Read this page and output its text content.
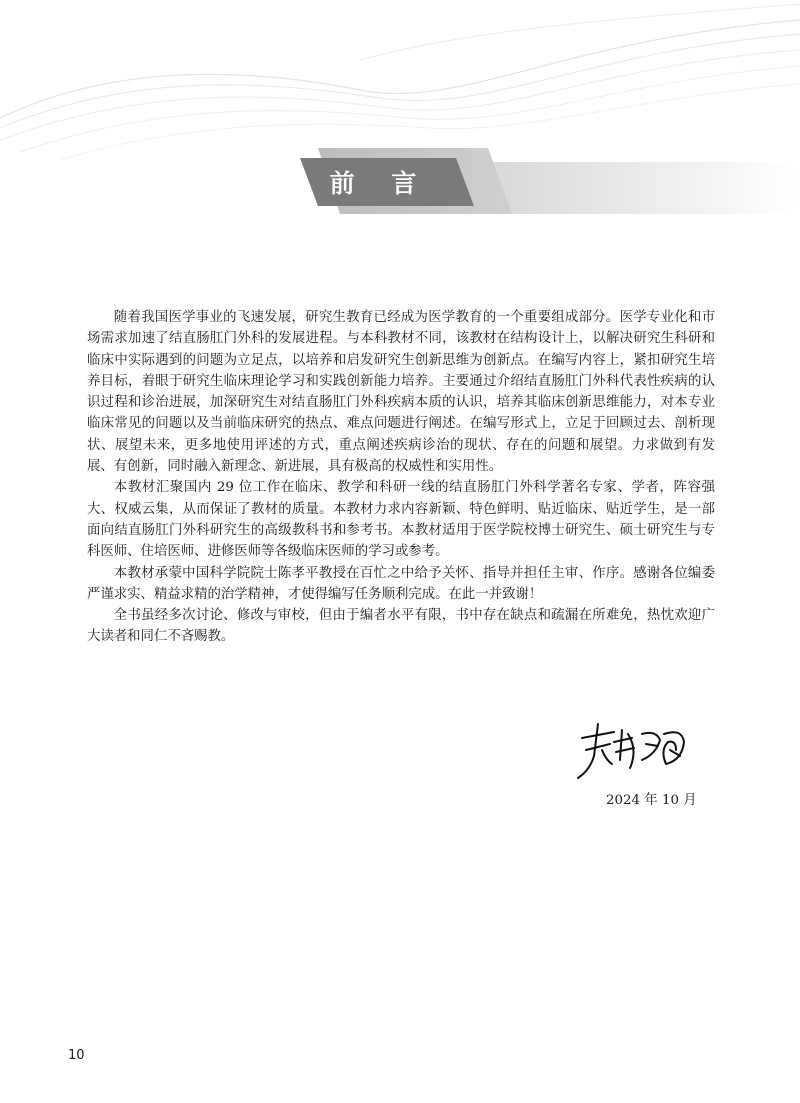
前 言

随着我国医学事业的飞速发展，研究生教育已经成为医学教育的一个重要组成部分。医学专业化和市场需求加速了结直肠肛门外科的发展进程。与本科教材不同，该教材在结构设计上，以解决研究生科研和临床中实际遇到的问题为立足点，以培养和启发研究生创新思维为创新点。在编写内容上，紧扣研究生培养目标，着眼于研究生临床理论学习和实践创新能力培养。主要通过介绍结直肠肛门外科代表性疾病的认识过程和诊治进展，加深研究生对结直肠肛门外科疾病本质的认识，培养其临床创新思维能力，对本专业临床常见的问题以及当前临床研究的热点、难点问题进行阐述。在编写形式上，立足于回顾过去、剖析现状、展望未来，更多地使用评述的方式，重点阐述疾病诊治的现状、存在的问题和展望。力求做到有发展、有创新，同时融入新理念、新进展，具有极高的权威性和实用性。

本教材汇聚国内 29 位工作在临床、教学和科研一线的结直肠肛门外科学著名专家、学者，阵容强大、权威云集，从而保证了教材的质量。本教材力求内容新颖、特色鲜明、贴近临床、贴近学生，是一部面向结直肠肛门外科研究生的高级教科书和参考书。本教材适用于医学院校博士研究生、硕士研究生与专科医师、住培医师、进修医师等各级临床医师的学习或参考。

本教材承蒙中国科学院院士陈孝平教授在百忙之中给予关怀、指导并担任主审、作序。感谢各位编委严谨求实、精益求精的治学精神，才使得编写任务顺利完成。在此一并致谢！

全书虽经多次讨论、修改与审校，但由于编者水平有限，书中存在缺点和疏漏在所难免，热忱欢迎广大读者和同仁不吝赐教。

2024 年 10 月
10
